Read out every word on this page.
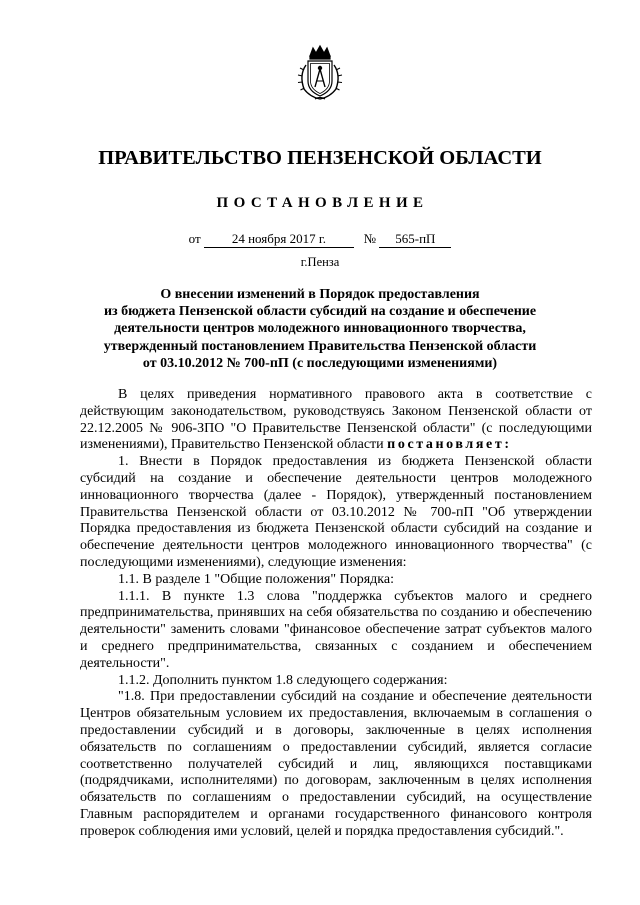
ПРАВИТЕЛЬСТВО ПЕНЗЕНСКОЙ ОБЛАСТИ
ПОСТАНОВЛЕНИЕ
от 24 ноября 2017 г.	№ 565-пП
г.Пенза
О внесении изменений в Порядок предоставления
из бюджета Пензенской области субсидий на создание и обеспечение
деятельности центров молодежного инновационного творчества,
утвержденный постановлением Правительства Пензенской области
от 03.10.2012 № 700-пП (с последующими изменениями)

В целях приведения нормативного правового акта в соответствие с действующим законодательством, руководствуясь Законом Пензенской области от 22.12.2005 № 906-ЗПО "О Правительстве Пензенской области" (с последующими изменениями), Правительство Пензенской области постановляет:

1. Внести в Порядок предоставления из бюджета Пензенской области субсидий на создание и обеспечение деятельности центров молодежного инновационного творчества (далее - Порядок), утвержденный постановлением Правительства Пензенской области от 03.10.2012 № 700-пП "Об утверждении Порядка предоставления из бюджета Пензенской области субсидий на создание и обеспечение деятельности центров молодежного инновационного творчества" (с последующими изменениями), следующие изменения:

1.1. В разделе 1 "Общие положения" Порядка:

1.1.1. В пункте 1.3 слова "поддержка субъектов малого и среднего предпринимательства, принявших на себя обязательства по созданию и обеспечению деятельности" заменить словами "финансовое обеспечение затрат субъектов малого и среднего предпринимательства, связанных с созданием и обеспечением деятельности".

1.1.2. Дополнить пунктом 1.8 следующего содержания:

"1.8. При предоставлении субсидий на создание и обеспечение деятельности Центров обязательным условием их предоставления, включаемым в соглашения о предоставлении субсидий и в договоры, заключенные в целях исполнения обязательств по соглашениям о предоставлении субсидий, является согласие соответственно получателей субсидий и лиц, являющихся поставщиками (подрядчиками, исполнителями) по договорам, заключенным в целях исполнения обязательств по соглашениям о предоставлении субсидий, на осуществление Главным распорядителем и органами государственного финансового контроля проверок соблюдения ими условий, целей и порядка предоставления субсидий.".
